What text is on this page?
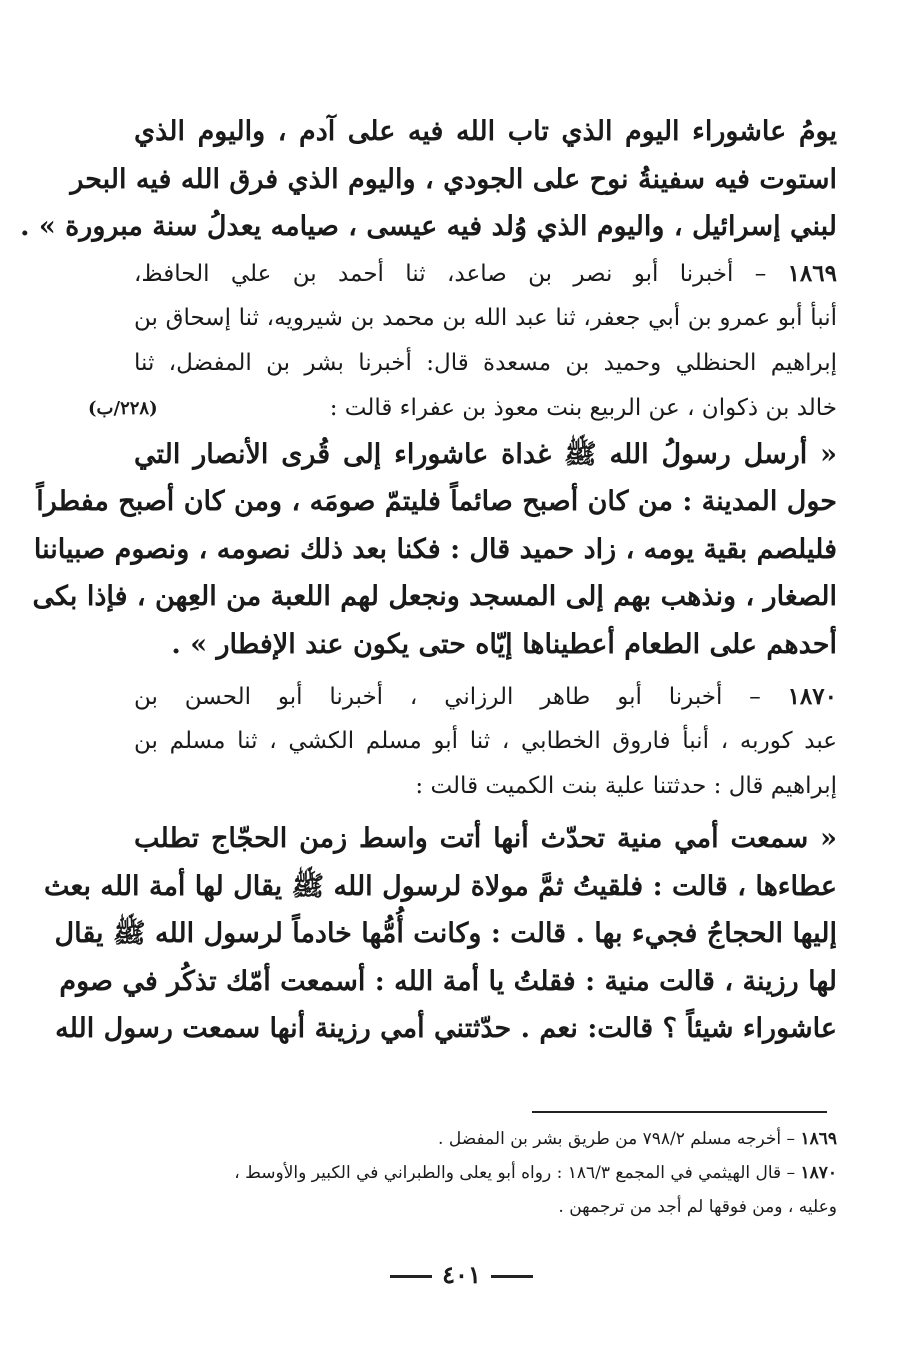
يومُ عاشوراء اليوم الذي تاب الله فيه على آدم ، واليوم الذي
استوت فيه سفينةُ نوح على الجودي ، واليوم الذي فرق الله فيه البحر
لبني إسرائيل ، واليوم الذي وُلد فيه عيسى ، صيامه يعدلُ سنة مبرورة » .
١٨٦٩ – أخبرنا أبو نصر بن صاعد، ثنا أحمد بن علي الحافظ،
أنبأ أبو عمرو بن أبي جعفر، ثنا عبد الله بن محمد بن شيرويه، ثنا إسحاق بن
إبراهيم الحنظلي وحميد بن مسعدة قال: أخبرنا بشر بن المفضل، ثنا
خالد بن ذكوان ، عن الربيع بنت معوذ بن عفراء قالت :
(٢٢٨/ب)
« أرسل رسولُ الله ﷺ غداة عاشوراء إلى قُرى الأنصار التي
حول المدينة : من كان أصبح صائماً فليتمّ صومَه ، ومن كان أصبح مفطراً
فليلصم بقية يومه ، زاد حميد قال : فكنا بعد ذلك نصومه ، ونصوم صبياننا
الصغار ، ونذهب بهم إلى المسجد ونجعل لهم اللعبة من العِهن ، فإذا بكى
أحدهم على الطعام أعطيناها إيّاه حتى يكون عند الإفطار » .
١٨٧٠ – أخبرنا أبو طاهر الرزاني ، أخبرنا أبو الحسن بن
عبد كوربه ، أنبأ فاروق الخطابي ، ثنا أبو مسلم الكشي ، ثنا مسلم بن
إبراهيم قال : حدثتنا علية بنت الكميت قالت :
« سمعت أمي منية تحدّث أنها أتت واسط زمن الحجّاج تطلب
عطاءها ، قالت : فلقيتُ ثمَّ مولاة لرسول الله ﷺ يقال لها أمة الله بعث
إليها الحجاجُ فجيء بها . قالت : وكانت أُمُّها خادماً لرسول الله ﷺ يقال
لها رزينة ، قالت منية : فقلتُ يا أمة الله : أسمعت أمّك تذكُر في صوم
عاشوراء شيئاً ؟ قالت: نعم . حدّثتني أمي رزينة أنها سمعت رسول الله
١٨٦٩ – أخرجه مسلم ٧٩٨/٢ من طريق بشر بن المفضل .
١٨٧٠ – قال الهيثمي في المجمع ١٨٦/٣ : رواه أبو يعلى والطبراني في الكبير والأوسط ،
وعليه ، ومن فوقها لم أجد من ترجمهن .
٤٠١
